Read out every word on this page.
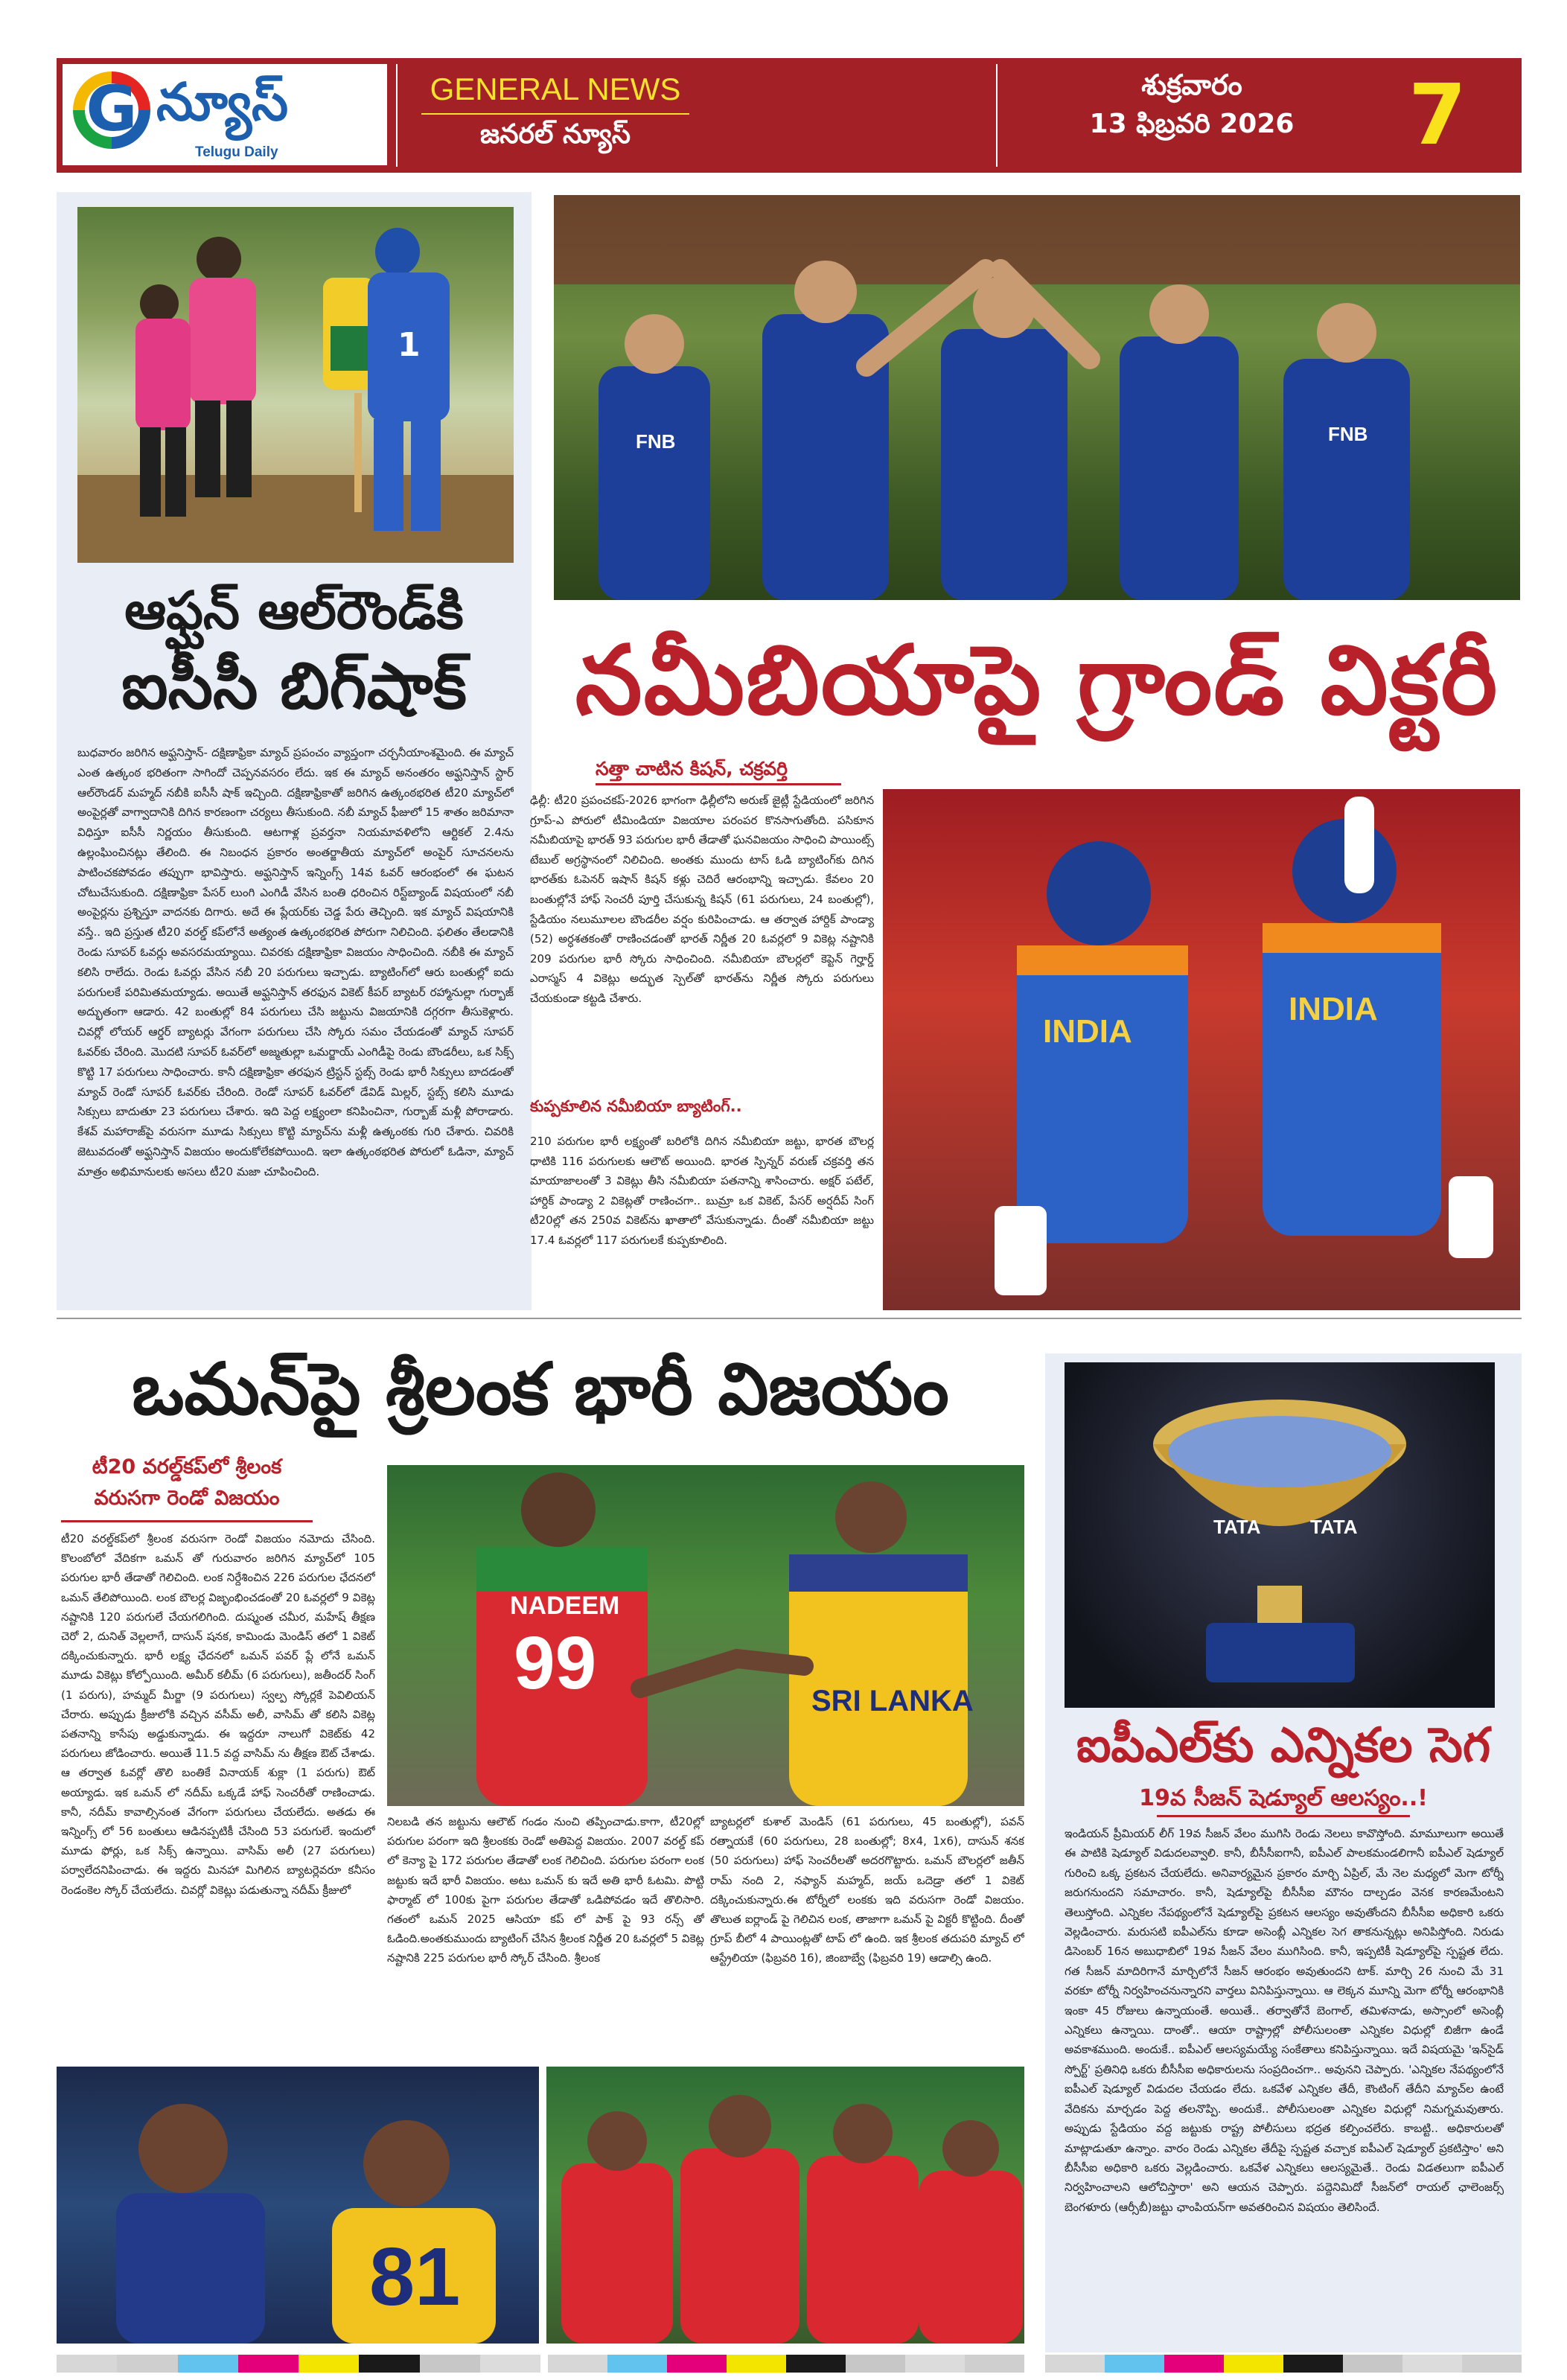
G న్యూస్
Telugu Daily
GENERAL NEWS
జనరల్ న్యూస్
శుక్రవారం
13 ఫిబ్రవరి 2026	7
1
ఆఫ్ఘన్ ఆల్‌రౌండ్‌కి
ఐసీసీ బిగ్‌షాక్
బుధవారం జరిగిన అఫ్ఘనిస్తాన్- దక్షిణాఫ్రికా మ్యాచ్ ప్రపంచం వ్యాప్తంగా చర్చనీయాంశమైంది. ఈ మ్యాచ్ ఎంత ఉత్కంఠ భరితంగా సాగిందో చెప్పనవసరం లేదు. ఇక ఈ మ్యాచ్ అనంతరం అఫ్ఘనిస్తాన్ స్టార్ ఆల్‌రౌండర్ మహ్మద్ నబీకి ఐసీసీ షాక్ ఇచ్చింది. దక్షిణాఫ్రికాతో జరిగిన ఉత్కంఠభరిత టీ20 మ్యాచ్‌లో అంపైర్లతో వాగ్వాదానికి దిగిన కారణంగా చర్యలు తీసుకుంది. నబీ మ్యాచ్ ఫీజులో 15 శాతం జరిమానా విధిస్తూ ఐసీసీ నిర్ణయం తీసుకుంది. ఆటగాళ్ల ప్రవర్తనా నియమావళిలోని ఆర్టికల్ 2.4ను ఉల్లంఘించినట్లు తేలింది. ఈ నిబంధన ప్రకారం అంతర్జాతీయ మ్యాచ్‌లో అంపైర్ సూచనలను పాటించకపోవడం తప్పుగా భావిస్తారు. అఫ్ఘనిస్తాన్ ఇన్నింగ్స్ 14వ ఓవర్ ఆరంభంలో ఈ ఘటన చోటుచేసుకుంది. దక్షిణాఫ్రికా పేసర్ లుంగి ఎంగిడీ వేసిన బంతి ధరించిన రిస్ట్‌బ్యాండ్ విషయంలో నబీ అంపైర్లను ప్రశ్నిస్తూ వాదనకు దిగారు. అదే ఈ ప్లేయర్‌కు చెడ్డ పేరు తెచ్చింది. ఇక మ్యాచ్ విషయానికి వస్తే.. ఇది ప్రస్తుత టీ20 వరల్డ్ కప్‌లోనే అత్యంత ఉత్కంఠభరిత పోరుగా నిలిచింది. ఫలితం తేలడానికి రెండు సూపర్ ఓవర్లు అవసరమయ్యాయి. చివరకు దక్షిణాఫ్రికా విజయం సాధించింది. నబీకి ఈ మ్యాచ్ కలిసి రాలేదు. రెండు ఓవర్లు వేసిన నబీ 20 పరుగులు ఇచ్చాడు. బ్యాటింగ్‌లో ఆరు బంతుల్లో ఐదు పరుగులకే పరిమితమయ్యాడు. అయితే అఫ్ఘనిస్తాన్ తరఫున వికెట్ కీపర్ బ్యాటర్ రహ్మానుల్లా గుర్బాజ్ అద్భుతంగా ఆడారు. 42 బంతుల్లో 84 పరుగులు చేసి జట్టును విజయానికి దగ్గరగా తీసుకెళ్లారు. చివర్లో లోయర్ ఆర్డర్ బ్యాటర్లు వేగంగా పరుగులు చేసి స్కోరు సమం చేయడంతో మ్యాచ్ సూపర్ ఓవర్‌కు చేరింది. మొదటి సూపర్ ఓవర్‌లో అజ్మతుల్లా ఒమర్జాయ్ ఎంగిడీపై రెండు బౌండరీలు, ఒక సిక్స్ కొట్టి 17 పరుగులు సాధించారు. కానీ దక్షిణాఫ్రికా తరఫున ట్రిస్టన్ స్టబ్స్ రెండు భారీ సిక్సులు బాదడంతో మ్యాచ్ రెండో సూపర్ ఓవర్‌కు చేరింది. రెండో సూపర్ ఓవర్‌లో డేవిడ్ మిల్లర్, స్టబ్స్ కలిసి మూడు సిక్సులు బాదుతూ 23 పరుగులు చేశారు. ఇది పెద్ద లక్ష్యంలా కనిపించినా, గుర్బాజ్ మళ్లీ పోరాడారు. కేశవ్ మహారాజ్‌పై వరుసగా మూడు సిక్సులు కొట్టి మ్యాచ్‌ను మళ్లీ ఉత్కంఠకు గురి చేశారు. చివరికి జెటువదంతో అఫ్ఘనిస్తాన్ విజయం అందుకోలేకపోయింది. ఇలా ఉత్కంఠభరిత పోరులో ఓడినా, మ్యాచ్ మాత్రం అభిమానులకు అసలు టీ20 మజా చూపించింది.
FNB	FNB
నమీబియాపై గ్రాండ్ విక్టరీ
సత్తా చాటిన కిషన్, చక్రవర్తి
ఢిల్లీ: టీ20 ప్రపంచకప్-2026 భాగంగా ఢిల్లీలోని అరుణ్ జైట్లీ స్టేడియంలో జరిగిన గ్రూప్-ఎ పోరులో టీమిండియా విజయాల పరంపర కొనసాగుతోంది. పసికూన నమీబియాపై భారత్ 93 పరుగుల భారీ తేడాతో ఘనవిజయం సాధించి పాయింట్స్ టేబుల్ అగ్రస్థానంలో నిలిచింది. అంతకు ముందు టాస్ ఓడి బ్యాటింగ్‌కు దిగిన భారత్‌కు ఓపెనర్ ఇషాన్ కిషన్ కళ్లు చెదిరే ఆరంభాన్ని ఇచ్చాడు. కేవలం 20 బంతుల్లోనే హాఫ్ సెంచరీ పూర్తి చేసుకున్న కిషన్ (61 పరుగులు, 24 బంతుల్లో), స్టేడియం నలుమూలల బౌండరీల వర్షం కురిపించాడు. ఆ తర్వాత హార్దిక్ పాండ్యా (52) అర్ధశతకంతో రాణించడంతో భారత్ నిర్ణీత 20 ఓవర్లలో 9 వికెట్ల నష్టానికి 209 పరుగుల భారీ స్కోరు సాధించింది. నమీబియా బౌలర్లలో కెప్టెన్ గెర్హార్డ్ ఎరాస్మస్ 4 వికెట్లు అద్భుత స్పెల్‌తో భారత్‌ను నిర్ణీత స్కోరు పరుగులు చేయకుండా కట్టడి చేశారు.
కుప్పకూలిన నమీబియా బ్యాటింగ్..
210 పరుగుల భారీ లక్ష్యంతో బరిలోకి దిగిన నమీబియా జట్టు, భారత బౌలర్ల ధాటికి 116 పరుగులకు ఆలౌట్ అయింది. భారత స్పిన్నర్ వరుణ్ చక్రవర్తి తన మాయాజాలంతో 3 వికెట్లు తీసి నమీబియా పతనాన్ని శాసించారు. అక్షర్ పటేల్, హార్దిక్ పాండ్యా 2 వికెట్లతో రాణించగా.. బుమ్రా ఒక వికెట్, పేసర్ అర్షదీప్ సింగ్ టీ20ల్లో తన 250వ వికెట్‌ను ఖాతాలో వేసుకున్నాడు. దీంతో నమీబియా జట్టు 17.4 ఓవర్లలో 117 పరుగులకే కుప్పకూలింది.
INDIA
INDIA
ఒమన్‌పై శ్రీలంక భారీ విజయం
టీ20 వరల్డ్‌కప్‌లో శ్రీలంక వరుసగా రెండో విజయం
టీ20 వరల్డ్‌కప్‌లో శ్రీలంక వరుసగా రెండో విజయం నమోదు చేసింది. కొలంబోలో వేదికగా ఒమన్ తో గురువారం జరిగిన మ్యాచ్‌లో 105 పరుగుల భారీ తేడాతో గెలిచింది. లంక నిర్దేశించిన 226 పరుగుల ఛేదనలో ఒమన్ తేలిపోయింది. లంక బౌలర్ల విజృంభించడంతో 20 ఓవర్లలో 9 వికెట్ల నష్టానికి 120 పరుగులే చేయగలిగింది. దుష్మంత చమీర, మహేష్ తీక్షణ చెరో 2, దునిత్ వెల్లలాగే, దాసున్ షనక, కామిండు మెండిస్ తలో 1 వికెట్ దక్కించుకున్నారు. భారీ లక్ష్య ఛేదనలో ఒమన్ పవర్ ప్లే లోనే ఒమన్ మూడు వికెట్లు కోల్పోయింది. అమీర్ కలీమ్ (6 పరుగులు), జతీందర్ సింగ్ (1 పరుగు), హమ్మద్ మీర్జా (9 పరుగులు) స్వల్ప స్కోర్లకే పెవిలియన్ చేరారు. అప్పుడు క్రీజులోకి వచ్చిన వసీమ్ అలీ, వాసిమ్ తో కలిసి వికెట్ల పతనాన్ని కాసేపు అడ్డుకున్నాడు. ఈ ఇద్దరూ నాలుగో వికెట్‌కు 42 పరుగులు జోడించారు. అయితే 11.5 వద్ద వాసిమ్ ను తీక్షణ ఔట్ చేశాడు. ఆ తర్వాత ఓవర్లో తొలి బంతికే వినాయక్ శుక్లా (1 పరుగు) ఔట్ అయ్యాడు. ఇక ఒమన్ లో నదీమ్ ఒక్కడే హాఫ్ సెంచరీతో రాణించాడు. కానీ, నదీమ్ కావాల్సినంత వేగంగా పరుగులు చేయలేదు. అతడు ఈ ఇన్నింగ్స్ లో 56 బంతులు ఆడినప్పటికీ చేసింది 53 పరుగులే. ఇందులో మూడు ఫోర్లు, ఒక సిక్స్ ఉన్నాయి. వాసిమ్ అలీ (27 పరుగులు) పర్వాలేదనిపించాడు. ఈ ఇద్దరు మినహా మిగిలిన బ్యాటర్లెవరూ కనీసం రెండంకెల స్కోర్ చేయలేదు. చివర్లో వికెట్లు పడుతున్నా నదీమ్ క్రీజులో
NADEEM
99	SRI LANKA
నిలబడి తన జట్టును ఆలౌట్ గండం నుంచి తప్పించాడు.కాగా, టీ20ల్లో పరుగుల పరంగా ఇది శ్రీలంకకు రెండో అతిపెద్ద విజయం. 2007 వరల్డ్ కప్ లో కెన్యా పై 172 పరుగుల తేడాతో లంక గెలిచింది. పరుగుల పరంగా లంక జట్టుకు ఇదే భారీ విజయం. అటు ఒమన్ కు ఇదే అతి భారీ ఓటమి. పొట్టి ఫార్మాట్ లో 100కు పైగా పరుగుల తేడాతో ఒడిపోవడం ఇదే తొలిసారి. గతంలో ఒమన్ 2025 ఆసియా కప్ లో పాక్ పై 93 రన్స్ తో ఓడింది.అంతకుముందు బ్యాటింగ్ చేసిన శ్రీలంక నిర్ణీత 20 ఓవర్లలో 5 వికెట్ల నష్టానికి 225 పరుగుల భారీ స్కోర్ చేసింది. శ్రీలంక
బ్యాటర్లలో కుశాల్ మెండిస్ (61 పరుగులు, 45 బంతుల్లో), పవన్ రత్నాయకే (60 పరుగులు, 28 బంతుల్లో; 8x4, 1x6), దాసున్ శనక (50 పరుగులు) హాఫ్ సెంచరీలతో అదరగొట్టారు. ఒమన్ బౌలర్లలో జతీన్ రామ్ నంది 2, నఫ్యాన్ మహ్మద్, జయ్ ఒదెడ్రా తలో 1 వికెట్ దక్కించుకున్నారు.ఈ టోర్నీలో లంకకు ఇది వరుసగా రెండో విజయం. తొలుత ఐర్లాండ్ పై గెలిచిన లంక, తాజాగా ఒమన్ పై విక్టరీ కొట్టింది. దీంతో గ్రూప్ బీలో 4 పాయింట్లతో టాప్ లో ఉంది. ఇక శ్రీలంక తదుపరి మ్యాచ్ లో ఆస్ట్రేలియా (ఫిబ్రవరి 16), జింబాబ్వే (ఫిబ్రవరి 19) ఆడాల్సి ఉంది.
81
TATA	TATA
ఐపీఎల్‌కు ఎన్నికల సెగ
19వ సీజన్ షెడ్యూల్ ఆలస్యం..!
ఇండియన్ ప్రీమియర్ లీగ్ 19వ సీజన్ వేలం ముగిసి రెండు నెలలు కావొస్తోంది. మామూలుగా అయితే ఈ పాటికి షెడ్యూల్ విడుదలవ్వాలి. కానీ, బీసీసీఐగానీ, ఐపీఎల్ పాలకమండలిగానీ ఐపీఎల్ షెడ్యూల్ గురించి ఒక్క ప్రకటన చేయలేదు. అనివార్యమైన ప్రకారం మార్చి ఏప్రిల్, మే నెల మధ్యలో మెగా టోర్నీ జరుగనుందని సమాచారం. కానీ, షెడ్యూల్‌పై బీసీసీఐ మౌనం దాల్చడం వెనక కారణమేంటని తెలుస్తోంది. ఎన్నికల నేపథ్యంలోనే షెడ్యూల్‌పై ప్రకటన ఆలస్యం అవుతోందని బీసీసీఐ అధికారి ఒకరు వెల్లడించారు. మరుసటి ఐపీఎల్‌ను కూడా అసెంబ్లీ ఎన్నికల సెగ తాకనున్నట్లు అనిపిస్తోంది. నిరుడు డిసెంబర్ 16న అబుధాబిలో 19వ సీజన్ వేలం ముగిసింది. కానీ, ఇప్పటికీ షెడ్యూల్‌పై స్పష్టత లేదు. గత సీజన్ మాదిరిగానే మార్చిలోనే సీజన్ ఆరంభం అవుతుందని టాక్. మార్చి 26 నుంచి మే 31 వరకూ టోర్నీ నిర్వహించనున్నారని వార్తలు వినిపిస్తున్నాయి. ఆ లెక్కన మూన్ని మెగా టోర్నీ ఆరంభానికి ఇంకా 45 రోజులు ఉన్నాయంతే. అయితే.. తర్వాతోనే బెంగాల్, తమిళనాడు, అస్సాంలో అసెంబ్లీ ఎన్నికలు ఉన్నాయి. దాంతో.. ఆయా రాష్ట్రాల్లో పోలీసులంతా ఎన్నికల విధుల్లో బిజీగా ఉండే అవకాశముంది. అందుకే.. ఐపీఎల్ ఆలస్యమయ్యే సంకేతాలు కనిపిస్తున్నాయి. ఇదే విషయమై 'ఇన్‌సైడ్ స్పోర్ట్' ప్రతినిధి ఒకరు బీసీసీఐ అధికారులను సంప్రదించగా.. అవునని చెప్పారు. 'ఎన్నికల నేపథ్యంలోనే ఐపీఎల్ షెడ్యూల్ విడుదల చేయడం లేదు. ఒకవేళ ఎన్నికల తేదీ, కౌంటింగ్ తేదీని మ్యాచ్‌ల ఉంటే వేదికను మార్చడం పెద్ద తలనొప్పి. అందుకే.. పోలీసులంతా ఎన్నికల విధుల్లో నిమగ్నమవుతారు. అప్పుడు స్టేడియం వద్ద జట్టుకు రాష్ట్ర పోలీసులు భద్రత కల్పించలేరు. కాబట్టి.. అధికారులతో మాట్లాడుతూ ఉన్నాం. వారం రెండు ఎన్నికల తేదీపై స్పష్టత వచ్చాక ఐపీఎల్ షెడ్యూల్ ప్రకటిస్తాం' అని బీసీసీఐ అధికారి ఒకరు వెల్లడించారు. ఒకవేళ ఎన్నికలు ఆలస్యమైతే.. రెండు విడతలుగా ఐపీఎల్ నిర్వహించాలని ఆలోచిస్తారా' అని ఆయన చెప్పారు. పద్దెనిమిదో సీజన్‌లో రాయల్ ఛాలెంజర్స్ బెంగళూరు (ఆర్సీబీ)జట్టు ఛాంపియన్‌గా అవతరించిన విషయం తెలిసిందే.
